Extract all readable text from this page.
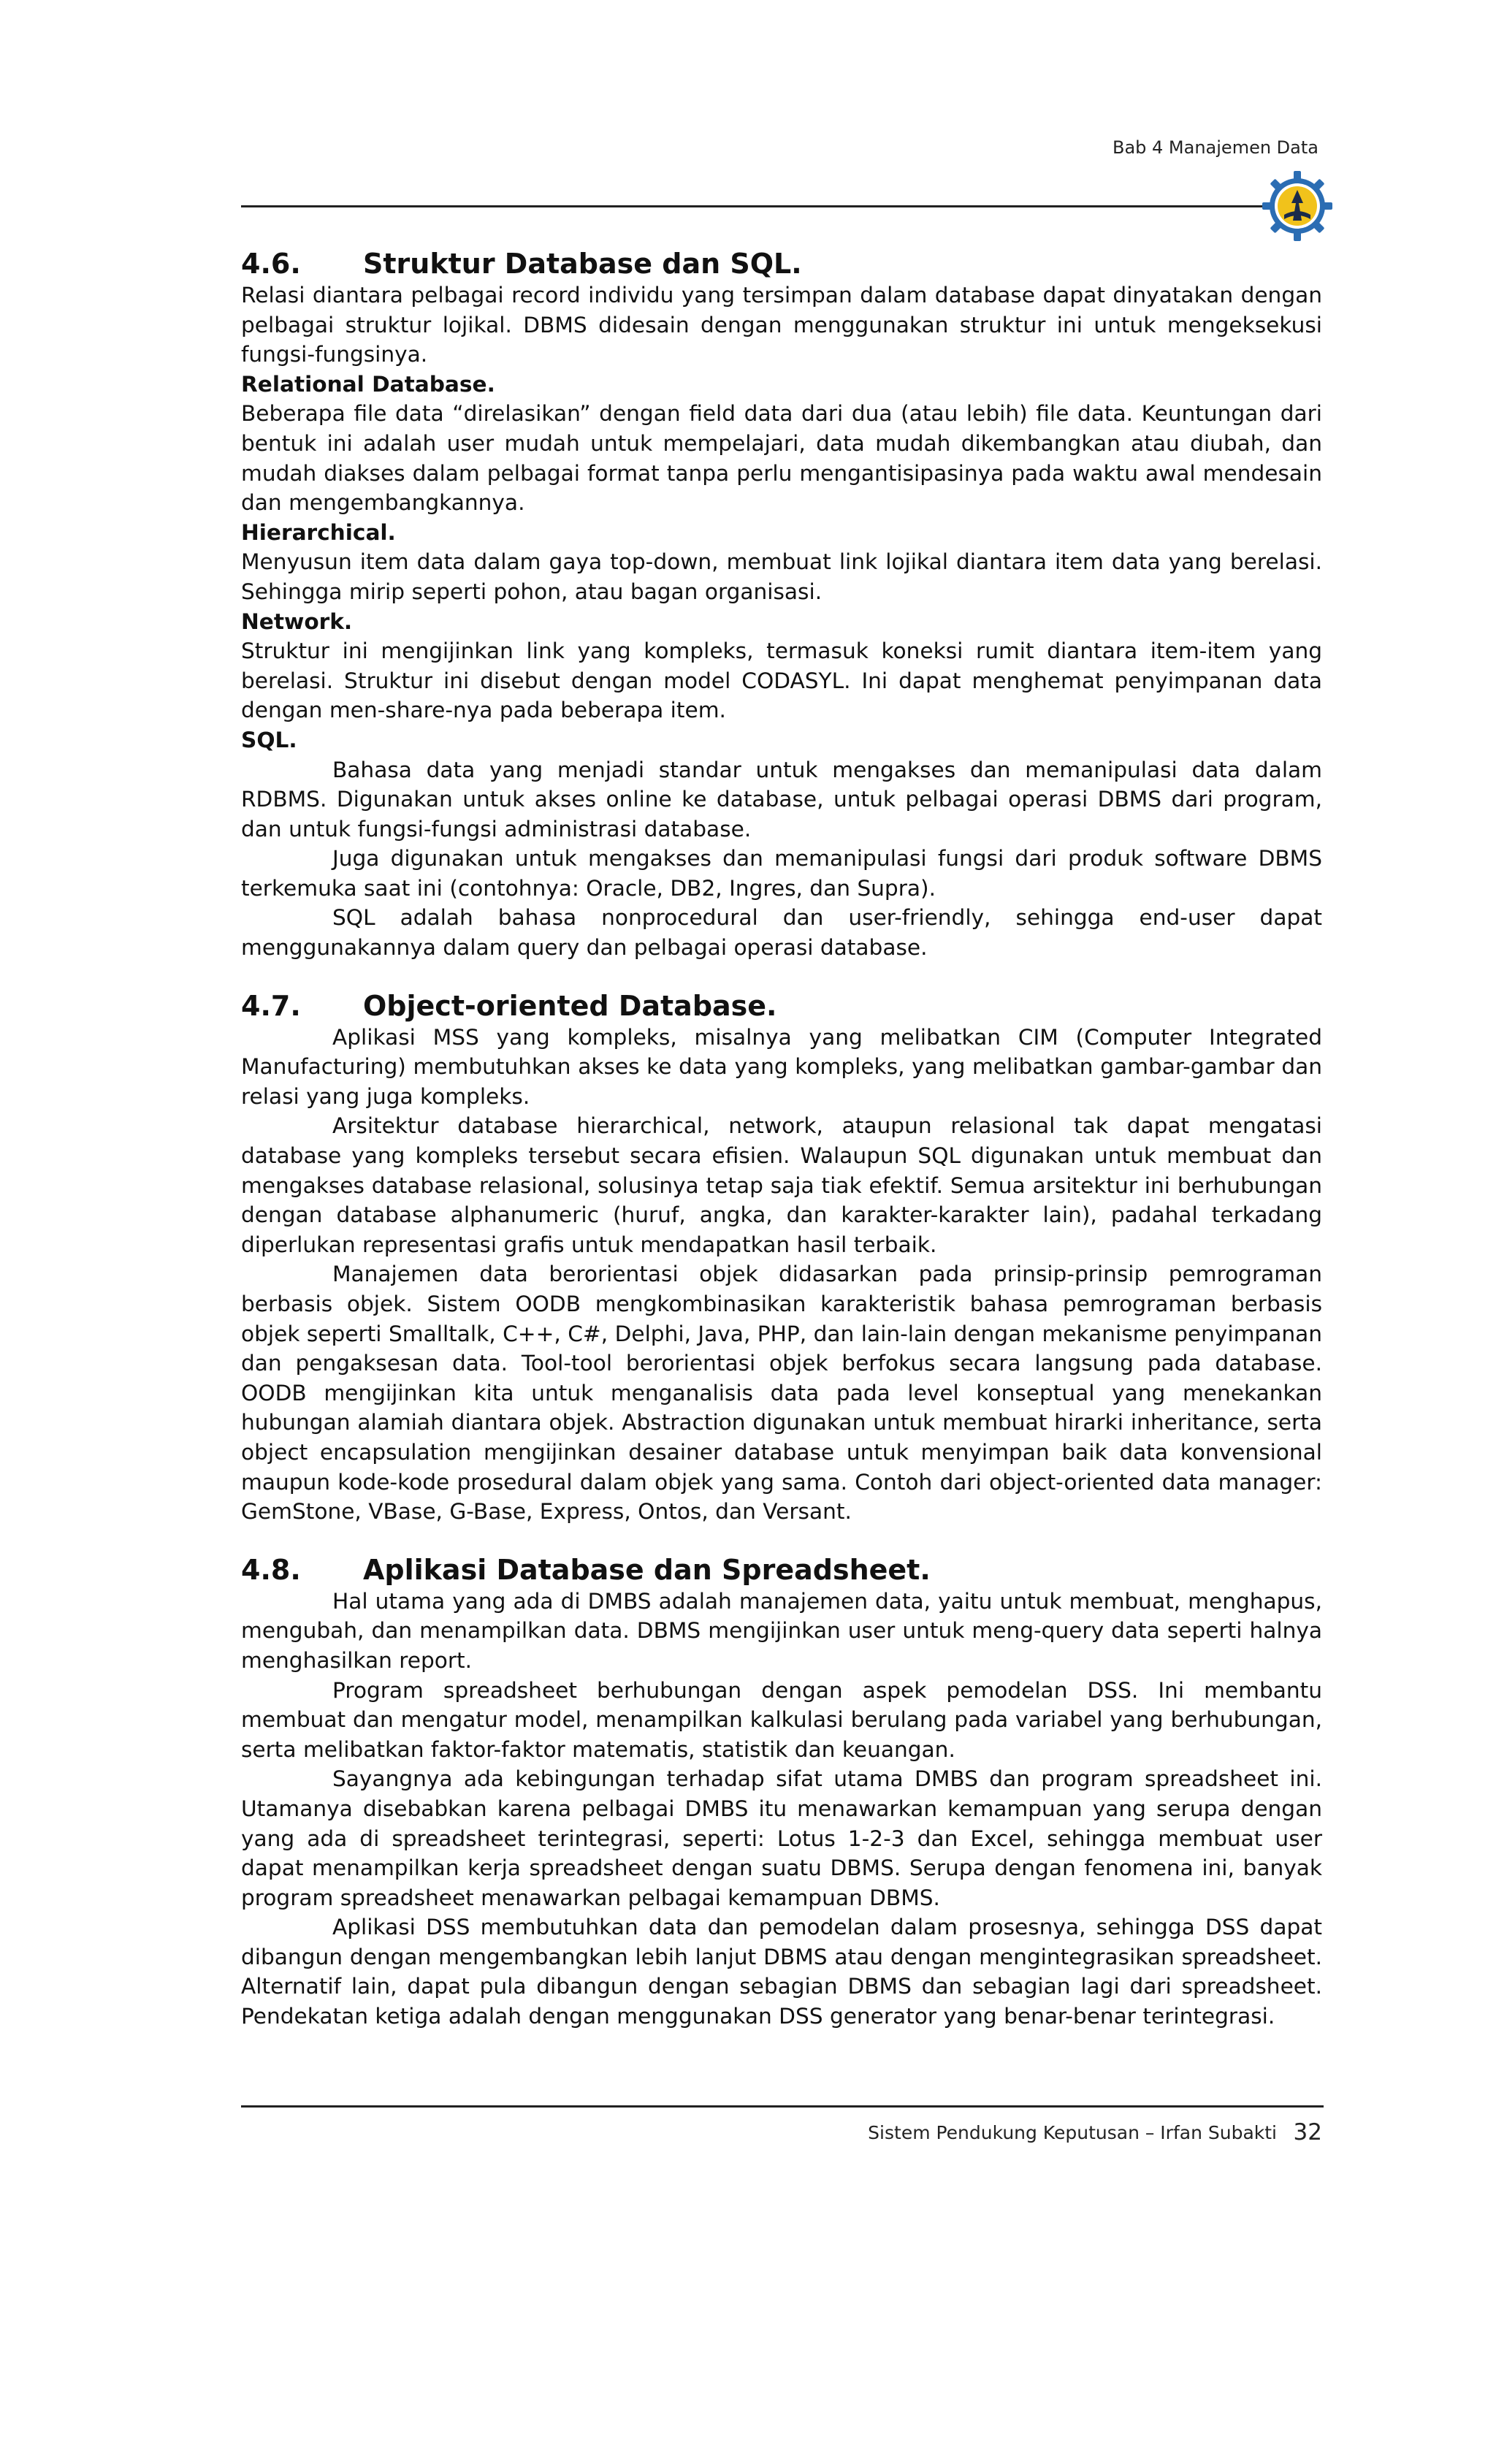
Bab 4 Manajemen Data
4.6.	Struktur Database dan SQL.

Relasi diantara pelbagai record individu yang tersimpan dalam database dapat dinyatakan dengan pelbagai struktur lojikal. DBMS didesain dengan menggunakan struktur ini untuk mengeksekusi fungsi-fungsinya.

Relational Database.

Beberapa file data “direlasikan” dengan field data dari dua (atau lebih) file data. Keuntungan dari bentuk ini adalah user mudah untuk mempelajari, data mudah dikembangkan atau diubah, dan mudah diakses dalam pelbagai format tanpa perlu mengantisipasinya pada waktu awal mendesain dan mengembangkannya.

Hierarchical.

Menyusun item data dalam gaya top-down, membuat link lojikal diantara item data yang berelasi. Sehingga mirip seperti pohon, atau bagan organisasi.

Network.

Struktur ini mengijinkan link yang kompleks, termasuk koneksi rumit diantara item-item yang berelasi. Struktur ini disebut dengan model CODASYL. Ini dapat menghemat penyimpanan data dengan men-share-nya pada beberapa item.

SQL.

Bahasa data yang menjadi standar untuk mengakses dan memanipulasi data dalam RDBMS. Digunakan untuk akses online ke database, untuk pelbagai operasi DBMS dari program, dan untuk fungsi-fungsi administrasi database.

Juga digunakan untuk mengakses dan memanipulasi fungsi dari produk software DBMS terkemuka saat ini (contohnya: Oracle, DB2, Ingres, dan Supra).

SQL adalah bahasa nonprocedural dan user-friendly, sehingga end-user dapat menggunakannya dalam query dan pelbagai operasi database.

4.7.	Object-oriented Database.

Aplikasi MSS yang kompleks, misalnya yang melibatkan CIM (Computer Integrated Manufacturing) membutuhkan akses ke data yang kompleks, yang melibatkan gambar-gambar dan relasi yang juga kompleks.

Arsitektur database hierarchical, network, ataupun relasional tak dapat mengatasi database yang kompleks tersebut secara efisien. Walaupun SQL digunakan untuk membuat dan mengakses database relasional, solusinya tetap saja tiak efektif. Semua arsitektur ini berhubungan dengan database alphanumeric (huruf, angka, dan karakter-karakter lain), padahal terkadang diperlukan representasi grafis untuk mendapatkan hasil terbaik.

Manajemen data berorientasi objek didasarkan pada prinsip-prinsip pemrograman berbasis objek. Sistem OODB mengkombinasikan karakteristik bahasa pemrograman berbasis objek seperti Smalltalk, C++, C#, Delphi, Java, PHP, dan lain-lain dengan mekanisme penyimpanan dan pengaksesan data. Tool-tool berorientasi objek berfokus secara langsung pada database. OODB mengijinkan kita untuk menganalisis data pada level konseptual yang menekankan hubungan alamiah diantara objek. Abstraction digunakan untuk membuat hirarki inheritance, serta object encapsulation mengijinkan desainer database untuk menyimpan baik data konvensional maupun kode-kode prosedural dalam objek yang sama. Contoh dari object-oriented data manager: GemStone, VBase, G-Base, Express, Ontos, dan Versant.

4.8.	Aplikasi Database dan Spreadsheet.

Hal utama yang ada di DMBS adalah manajemen data, yaitu untuk membuat, menghapus, mengubah, dan menampilkan data. DBMS mengijinkan user untuk meng-query data seperti halnya menghasilkan report.

Program spreadsheet berhubungan dengan aspek pemodelan DSS. Ini membantu membuat dan mengatur model, menampilkan kalkulasi berulang pada variabel yang berhubungan, serta melibatkan faktor-faktor matematis, statistik dan keuangan.

Sayangnya ada kebingungan terhadap sifat utama DMBS dan program spreadsheet ini. Utamanya disebabkan karena pelbagai DMBS itu menawarkan kemampuan yang serupa dengan yang ada di spreadsheet terintegrasi, seperti: Lotus 1-2-3 dan Excel, sehingga membuat user dapat menampilkan kerja spreadsheet dengan suatu DBMS. Serupa dengan fenomena ini, banyak program spreadsheet menawarkan pelbagai kemampuan DBMS.

Aplikasi DSS membutuhkan data dan pemodelan dalam prosesnya, sehingga DSS dapat dibangun dengan mengembangkan lebih lanjut DBMS atau dengan mengintegrasikan spreadsheet. Alternatif lain, dapat pula dibangun dengan sebagian DBMS dan sebagian lagi dari spreadsheet. Pendekatan ketiga adalah dengan menggunakan DSS generator yang benar-benar terintegrasi.

Sistem Pendukung Keputusan – Irfan Subakti 32
